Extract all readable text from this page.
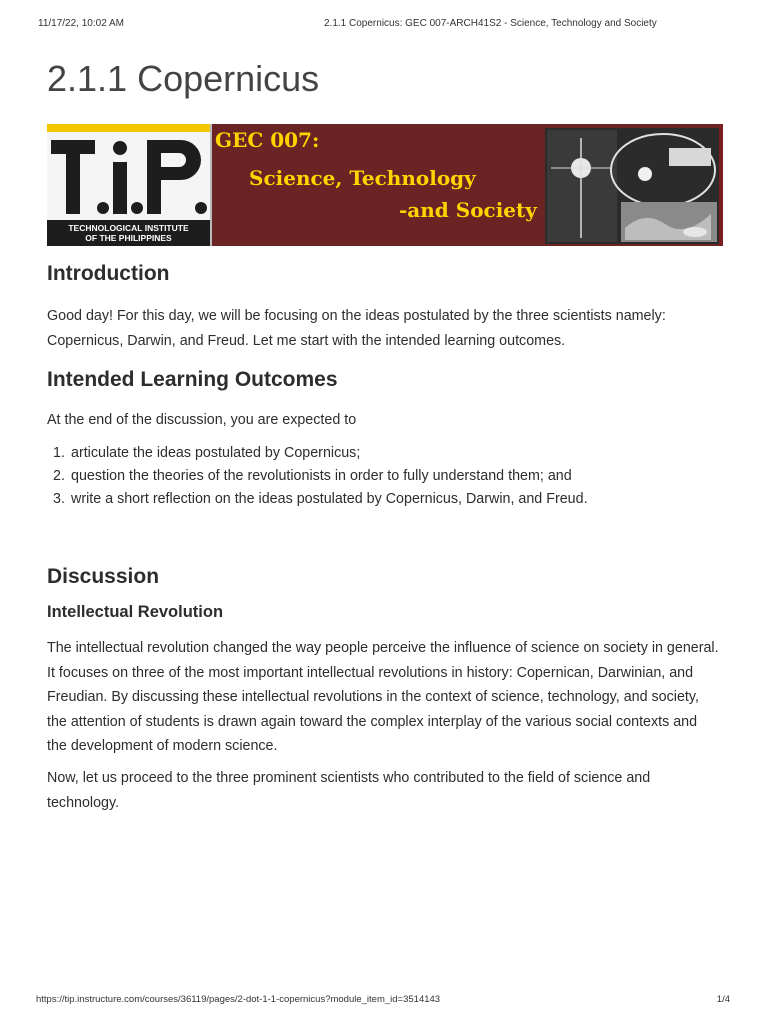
11/17/22, 10:02 AM	2.1.1 Copernicus: GEC 007-ARCH41S2 - Science, Technology and Society
2.1.1 Copernicus
TECHNOLOGICAL INSTITUTE
OF THE PHILIPPINES
GEC 007:
Science, Technology
-and Society
Introduction

Good day! For this day, we will be focusing on the ideas postulated by the three scientists namely: Copernicus, Darwin, and Freud. Let me start with the intended learning outcomes.

Intended Learning Outcomes

At the end of the discussion, you are expected to

1. articulate the ideas postulated by Copernicus;
2. question the theories of the revolutionists in order to fully understand them; and
3. write a short reflection on the ideas postulated by Copernicus, Darwin, and Freud.
Discussion
Intellectual Revolution

The intellectual revolution changed the way people perceive the influence of science on society in general. It focuses on three of the most important intellectual revolutions in history: Copernican, Darwinian, and Freudian. By discussing these intellectual revolutions in the context of science, technology, and society, the attention of students is drawn again toward the complex interplay of the various social contexts and the development of modern science.

Now, let us proceed to the three prominent scientists who contributed to the field of science and technology.

https://tip.instructure.com/courses/36119/pages/2-dot-1-1-copernicus?module_item_id=3514143	1/4
